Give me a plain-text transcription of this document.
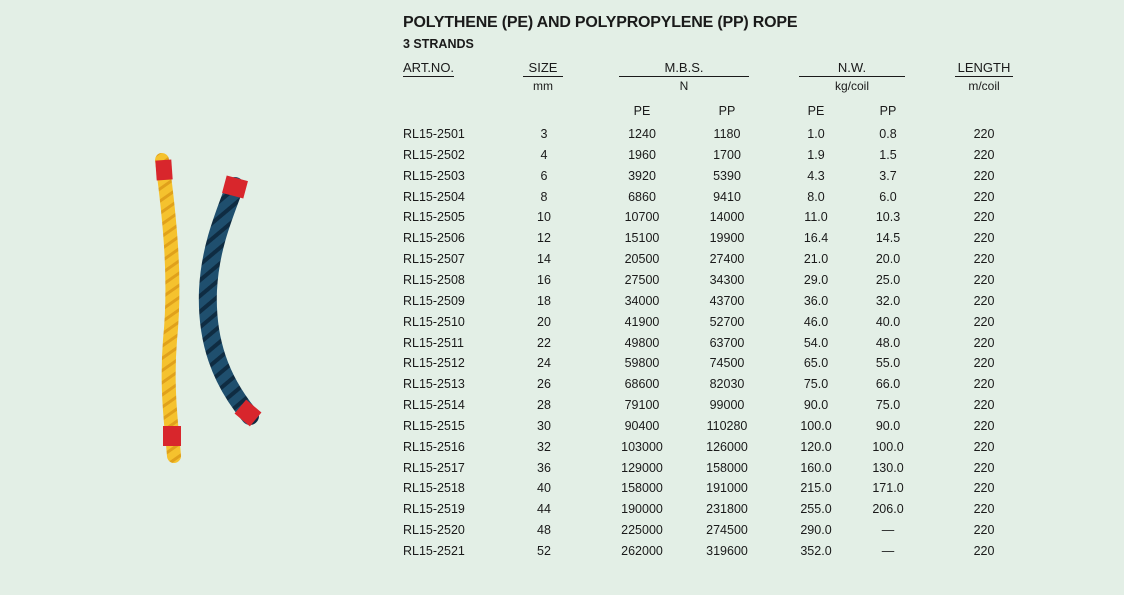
POLYTHENE (PE) AND POLYPROPYLENE (PP) ROPE
3 STRANDS
ART.NO.	SIZE	M.B.S.	N.W.	LENGTH
mm	N	kg/coil	m/coil
PE	PP	PE	PP
RL15-2501	3	1240	1180	1.0	0.8	220
RL15-2502	4	1960	1700	1.9	1.5	220
RL15-2503	6	3920	5390	4.3	3.7	220
RL15-2504	8	6860	9410	8.0	6.0	220
RL15-2505	10	10700	14000	11.0	10.3	220
RL15-2506	12	15100	19900	16.4	14.5	220
RL15-2507	14	20500	27400	21.0	20.0	220
RL15-2508	16	27500	34300	29.0	25.0	220
RL15-2509	18	34000	43700	36.0	32.0	220
RL15-2510	20	41900	52700	46.0	40.0	220
RL15-2511	22	49800	63700	54.0	48.0	220
RL15-2512	24	59800	74500	65.0	55.0	220
RL15-2513	26	68600	82030	75.0	66.0	220
RL15-2514	28	79100	99000	90.0	75.0	220
RL15-2515	30	90400	110280	100.0	90.0	220
RL15-2516	32	103000	126000	120.0	100.0	220
RL15-2517	36	129000	158000	160.0	130.0	220
RL15-2518	40	158000	191000	215.0	171.0	220
RL15-2519	44	190000	231800	255.0	206.0	220
RL15-2520	48	225000	274500	290.0	—	220
RL15-2521	52	262000	319600	352.0	—	220
